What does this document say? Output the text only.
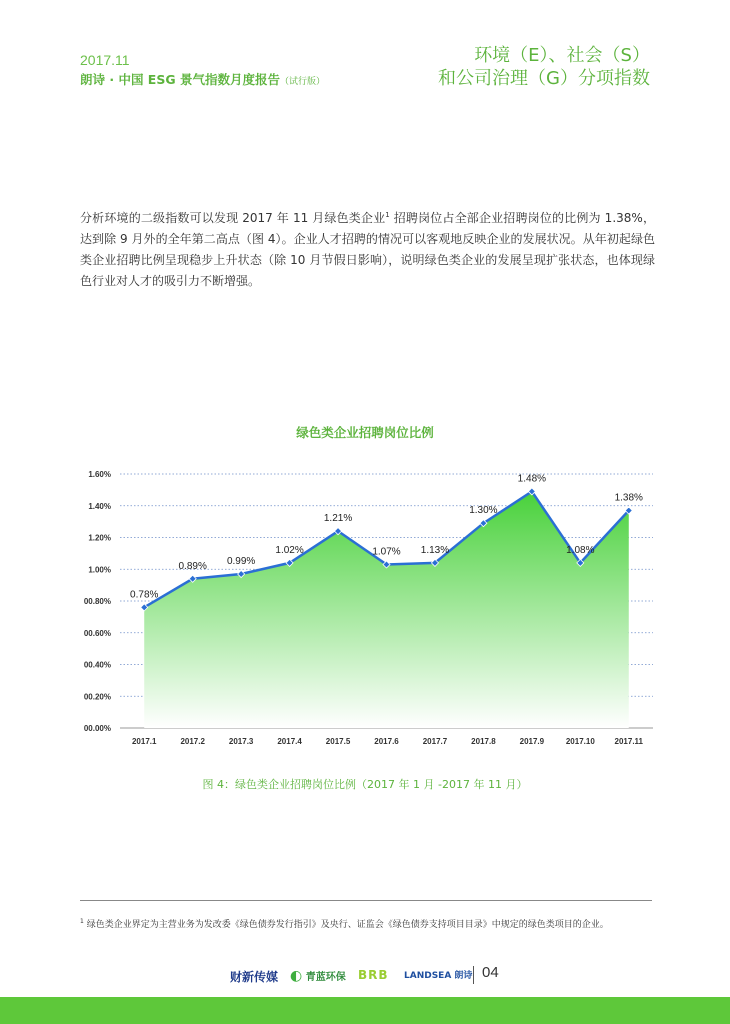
2017.11
朗诗 · 中国 ESG 景气指数月度报告（试行版）
环境（E）、社会（S）
和公司治理（G）分项指数
分析环境的二级指数可以发现 2017 年 11 月绿色类企业$^1$ 招聘岗位占全部企业招聘岗位的比例为 1.38%，达到除 9 月外的全年第二高点（图 4）。企业人才招聘的情况可以客观地反映企业的发展状况。从年初起绿色类企业招聘比例呈现稳步上升状态（除 10 月节假日影响），说明绿色类企业的发展呈现扩张状态，也体现绿色行业对人才的吸引力不断增强。
绿色类企业招聘岗位比例
00.00%
00.20%
00.40%
00.60%
00.80%
1.00%
1.20%
1.40%
1.60%
0.78%
0.89% 0.99%
1.02%
1.21%
1.07% 1.13%
1.30%
1.48%
1.08%
1.38%
2017.1	2017.2	2017.3	2017.4	2017.5	2017.6	2017.7	2017.8	2017.9	2017.10 2017.11
图 4：绿色类企业招聘岗位比例（2017 年 1 月 -2017 年 11 月）
$^1$ 绿色类企业界定为主营业务为发改委《绿色债券发行指引》及央行、证监会《绿色债券支持项目目录》中规定的绿色类项目的企业。
财新传媒 ◐ 青蓝环保 BRB LANDSEA 朗诗 04
